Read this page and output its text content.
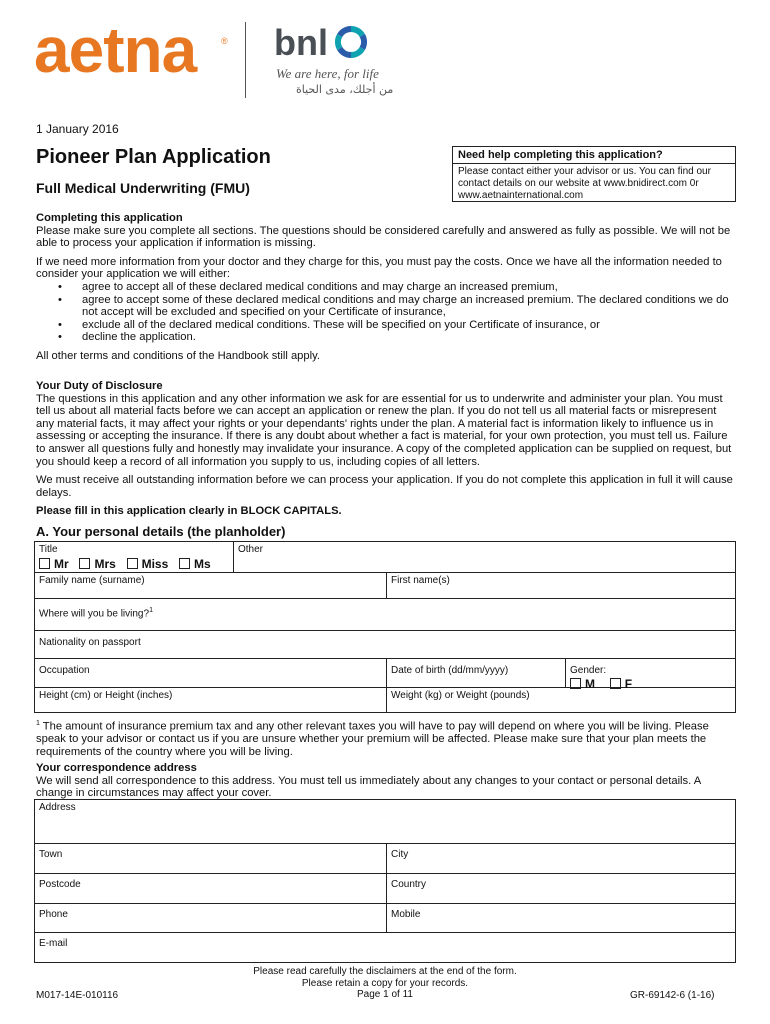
aetna	® bnl
We are here, for life
من أجلك، مدى الحياة
1 January 2016
Pioneer Plan Application
Full Medical Underwriting (FMU)
Need help completing this application?
Please contact either your advisor or us. You can find our contact details on our website at www.bnidirect.com 0r www.aetnainternational.com
Completing this application
Please make sure you complete all sections. The questions should be considered carefully and answered as fully as possible. We will not be able to process your application if information is missing.
If we need more information from your doctor and they charge for this, you must pay the costs. Once we have all the information needed to consider your application we will either:
• agree to accept all of these declared medical conditions and may charge an increased premium,
• agree to accept some of these declared medical conditions and may charge an increased premium. The declared conditions we do not accept will be excluded and specified on your Certificate of insurance,
• exclude all of the declared medical conditions. These will be specified on your Certificate of insurance, or
• decline the application.
All other terms and conditions of the Handbook still apply.
Your Duty of Disclosure
The questions in this application and any other information we ask for are essential for us to underwrite and administer your plan. You must tell us about all material facts before we can accept an application or renew the plan. If you do not tell us all material facts or misrepresent any material facts, it may affect your rights or your dependants' rights under the plan. A material fact is information likely to influence us in assessing or accepting the insurance. If there is any doubt about whether a fact is material, for your own protection, you must tell us. Failure to answer all questions fully and honestly may invalidate your insurance. A copy of the completed application can be supplied on request, but you should keep a record of all information you supply to us, including copies of all letters.
We must receive all outstanding information before we can process your application. If you do not complete this application in full it will cause delays.
Please fill in this application clearly in BLOCK CAPITALS.
A. Your personal details (the planholder)
Title
Mr Mrs Miss Ms
Other
Family name (surname)	First name(s)
Where will you be living?$^1$
Nationality on passport
Occupation	Date of birth (dd/mm/yyyy)	Gender:
M F
Height (cm) or Height (inches)	Weight (kg) or Weight (pounds)
$^1$ The amount of insurance premium tax and any other relevant taxes you will have to pay will depend on where you will be living. Please speak to your advisor or contact us if you are unsure whether your premium will be affected. Please make sure that your plan meets the requirements of the country where you will be living.
Your correspondence address
We will send all correspondence to this address. You must tell us immediately about any changes to your contact or personal details. A change in circumstances may affect your cover.
Address
Town	City
Postcode	Country
Phone	Mobile
E-mail
Please read carefully the disclaimers at the end of the form.
Please retain a copy for your records.
Page 1 of 11
M017-14E-010116	GR-69142-6 (1-16)
